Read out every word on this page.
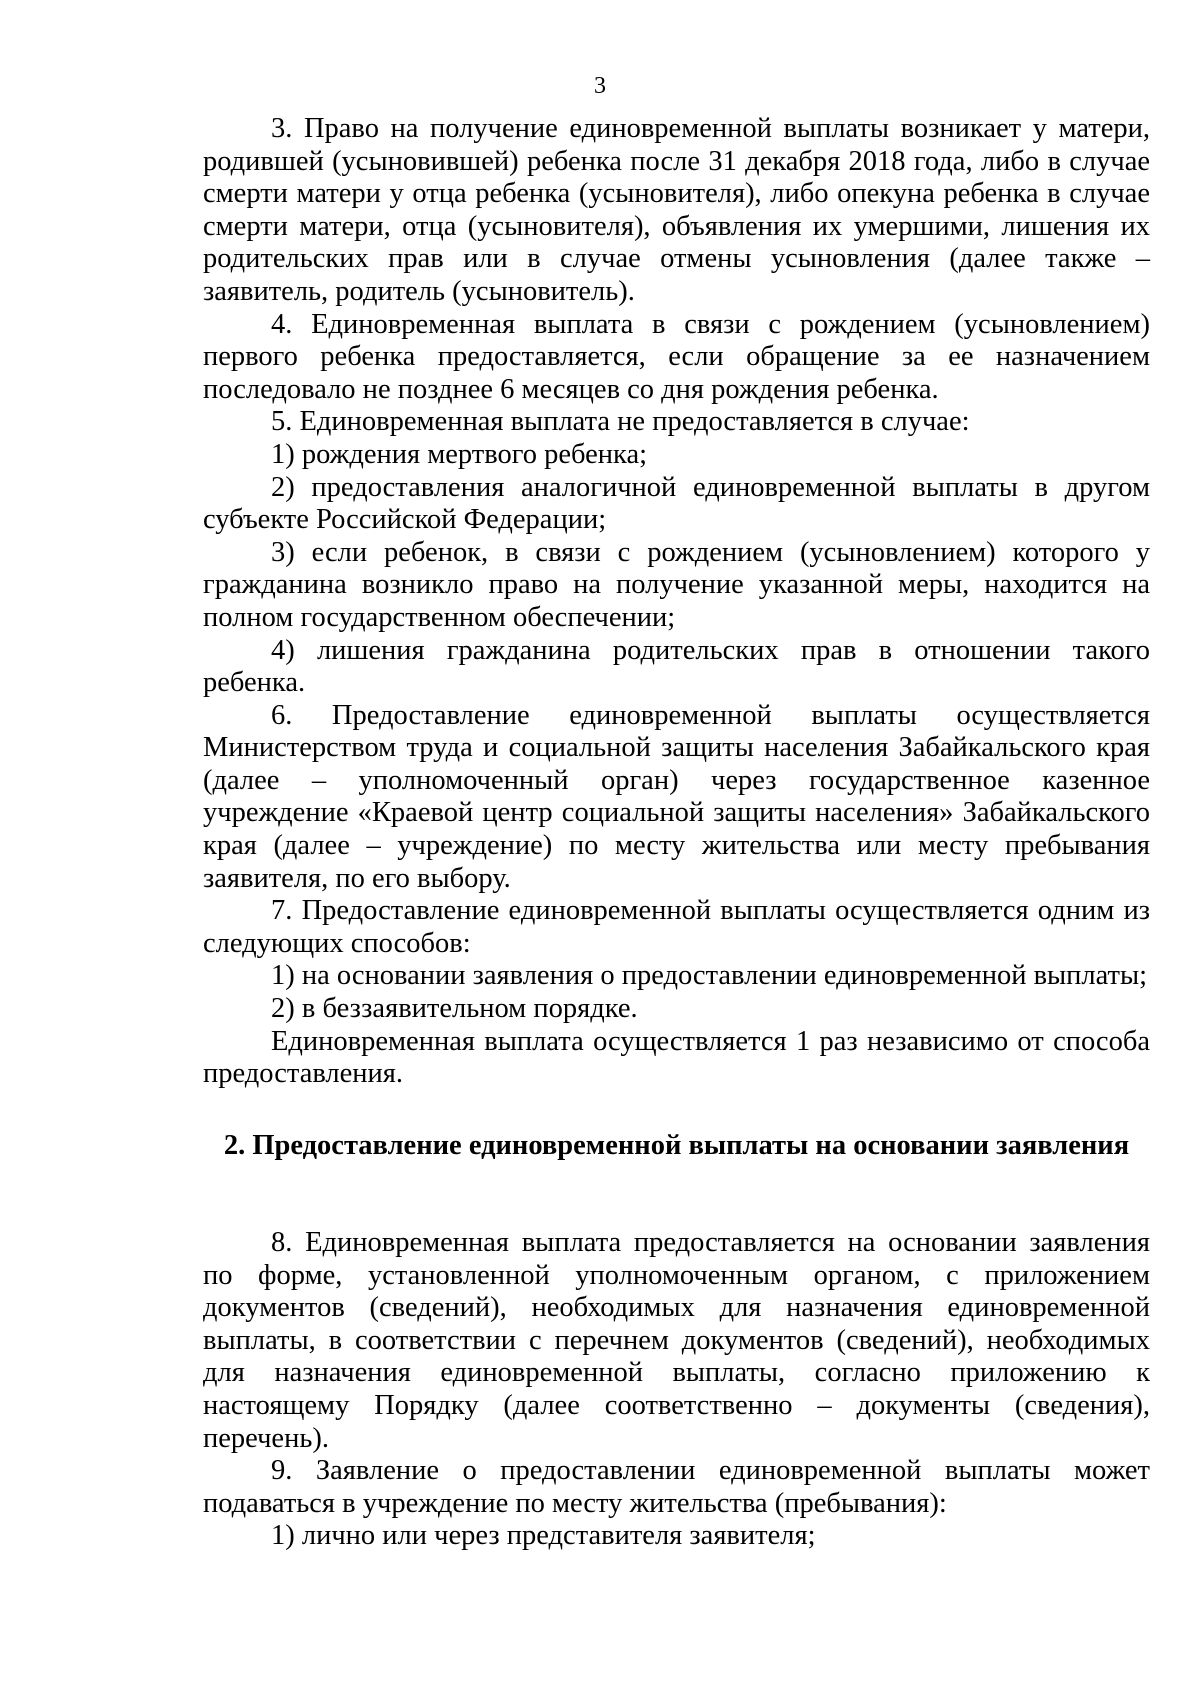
3

3. Право на получение единовременной выплаты возникает у матери, родившей (усыновившей) ребенка после 31 декабря 2018 года, либо в случае смерти матери у отца ребенка (усыновителя), либо опекуна ребенка в случае смерти матери, отца (усыновителя), объявления их умершими, лишения их родительских прав или в случае отмены усыновления (далее также – заявитель, родитель (усыновитель).

4. Единовременная выплата в связи с рождением (усыновлением) первого ребенка предоставляется, если обращение за ее назначением последовало не позднее 6 месяцев со дня рождения ребенка.

5. Единовременная выплата не предоставляется в случае:

1) рождения мертвого ребенка;

2) предоставления аналогичной единовременной выплаты в другом субъекте Российской Федерации;

3) если ребенок, в связи с рождением (усыновлением) которого у гражданина возникло право на получение указанной меры, находится на полном государственном обеспечении;

4) лишения гражданина родительских прав в отношении такого ребенка.

6. Предоставление единовременной выплаты осуществляется Министерством труда и социальной защиты населения Забайкальского края (далее – уполномоченный орган) через государственное казенное учреждение «Краевой центр социальной защиты населения» Забайкальского края (далее – учреждение) по месту жительства или месту пребывания заявителя, по его выбору.

7. Предоставление единовременной выплаты осуществляется одним из следующих способов:

1) на основании заявления о предоставлении единовременной выплаты;

2) в беззаявительном порядке.

Единовременная выплата осуществляется 1 раз независимо от способа предоставления.

2. Предоставление единовременной выплаты на основании заявления

8. Единовременная выплата предоставляется на основании заявления по форме, установленной уполномоченным органом, с приложением документов (сведений), необходимых для назначения единовременной выплаты, в соответствии с перечнем документов (сведений), необходимых для назначения единовременной выплаты, согласно приложению к настоящему Порядку (далее соответственно – документы (сведения), перечень).

9. Заявление о предоставлении единовременной выплаты может подаваться в учреждение по месту жительства (пребывания):

1) лично или через представителя заявителя;
